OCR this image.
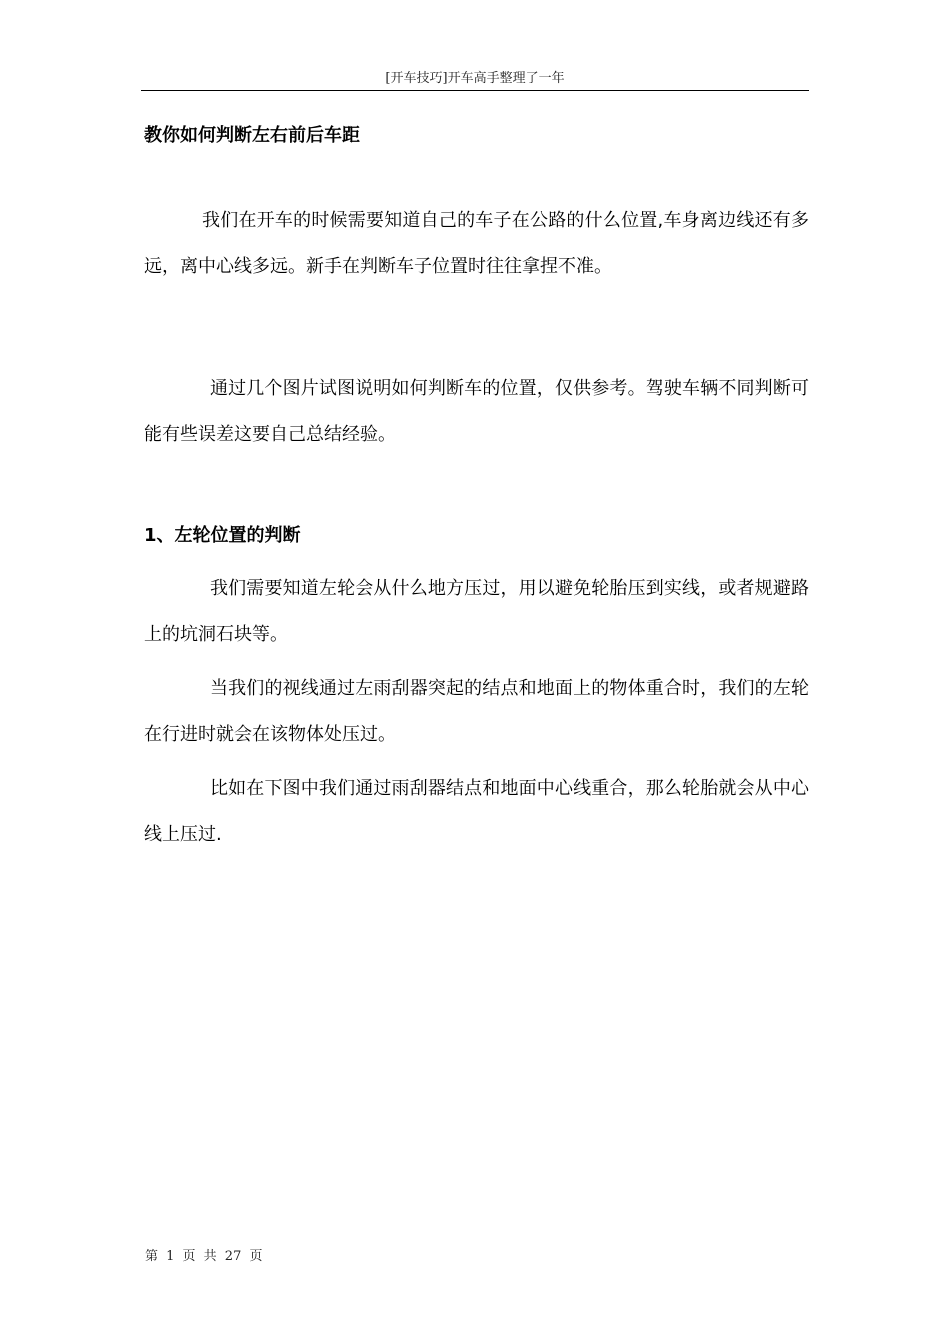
[开车技巧]开车高手整理了一年
教你如何判断左右前后车距

我们在开车的时候需要知道自己的车子在公路的什么位置,车身离边线还有多远，离中心线多远。新手在判断车子位置时往往拿捏不准。

通过几个图片试图说明如何判断车的位置，仅供参考。驾驶车辆不同判断可能有些误差这要自己总结经验。

1、左轮位置的判断

我们需要知道左轮会从什么地方压过，用以避免轮胎压到实线，或者规避路上的坑洞石块等。

当我们的视线通过左雨刮器突起的结点和地面上的物体重合时，我们的左轮在行进时就会在该物体处压过。

比如在下图中我们通过雨刮器结点和地面中心线重合，那么轮胎就会从中心线上压过.

第 1 页 共 27 页
